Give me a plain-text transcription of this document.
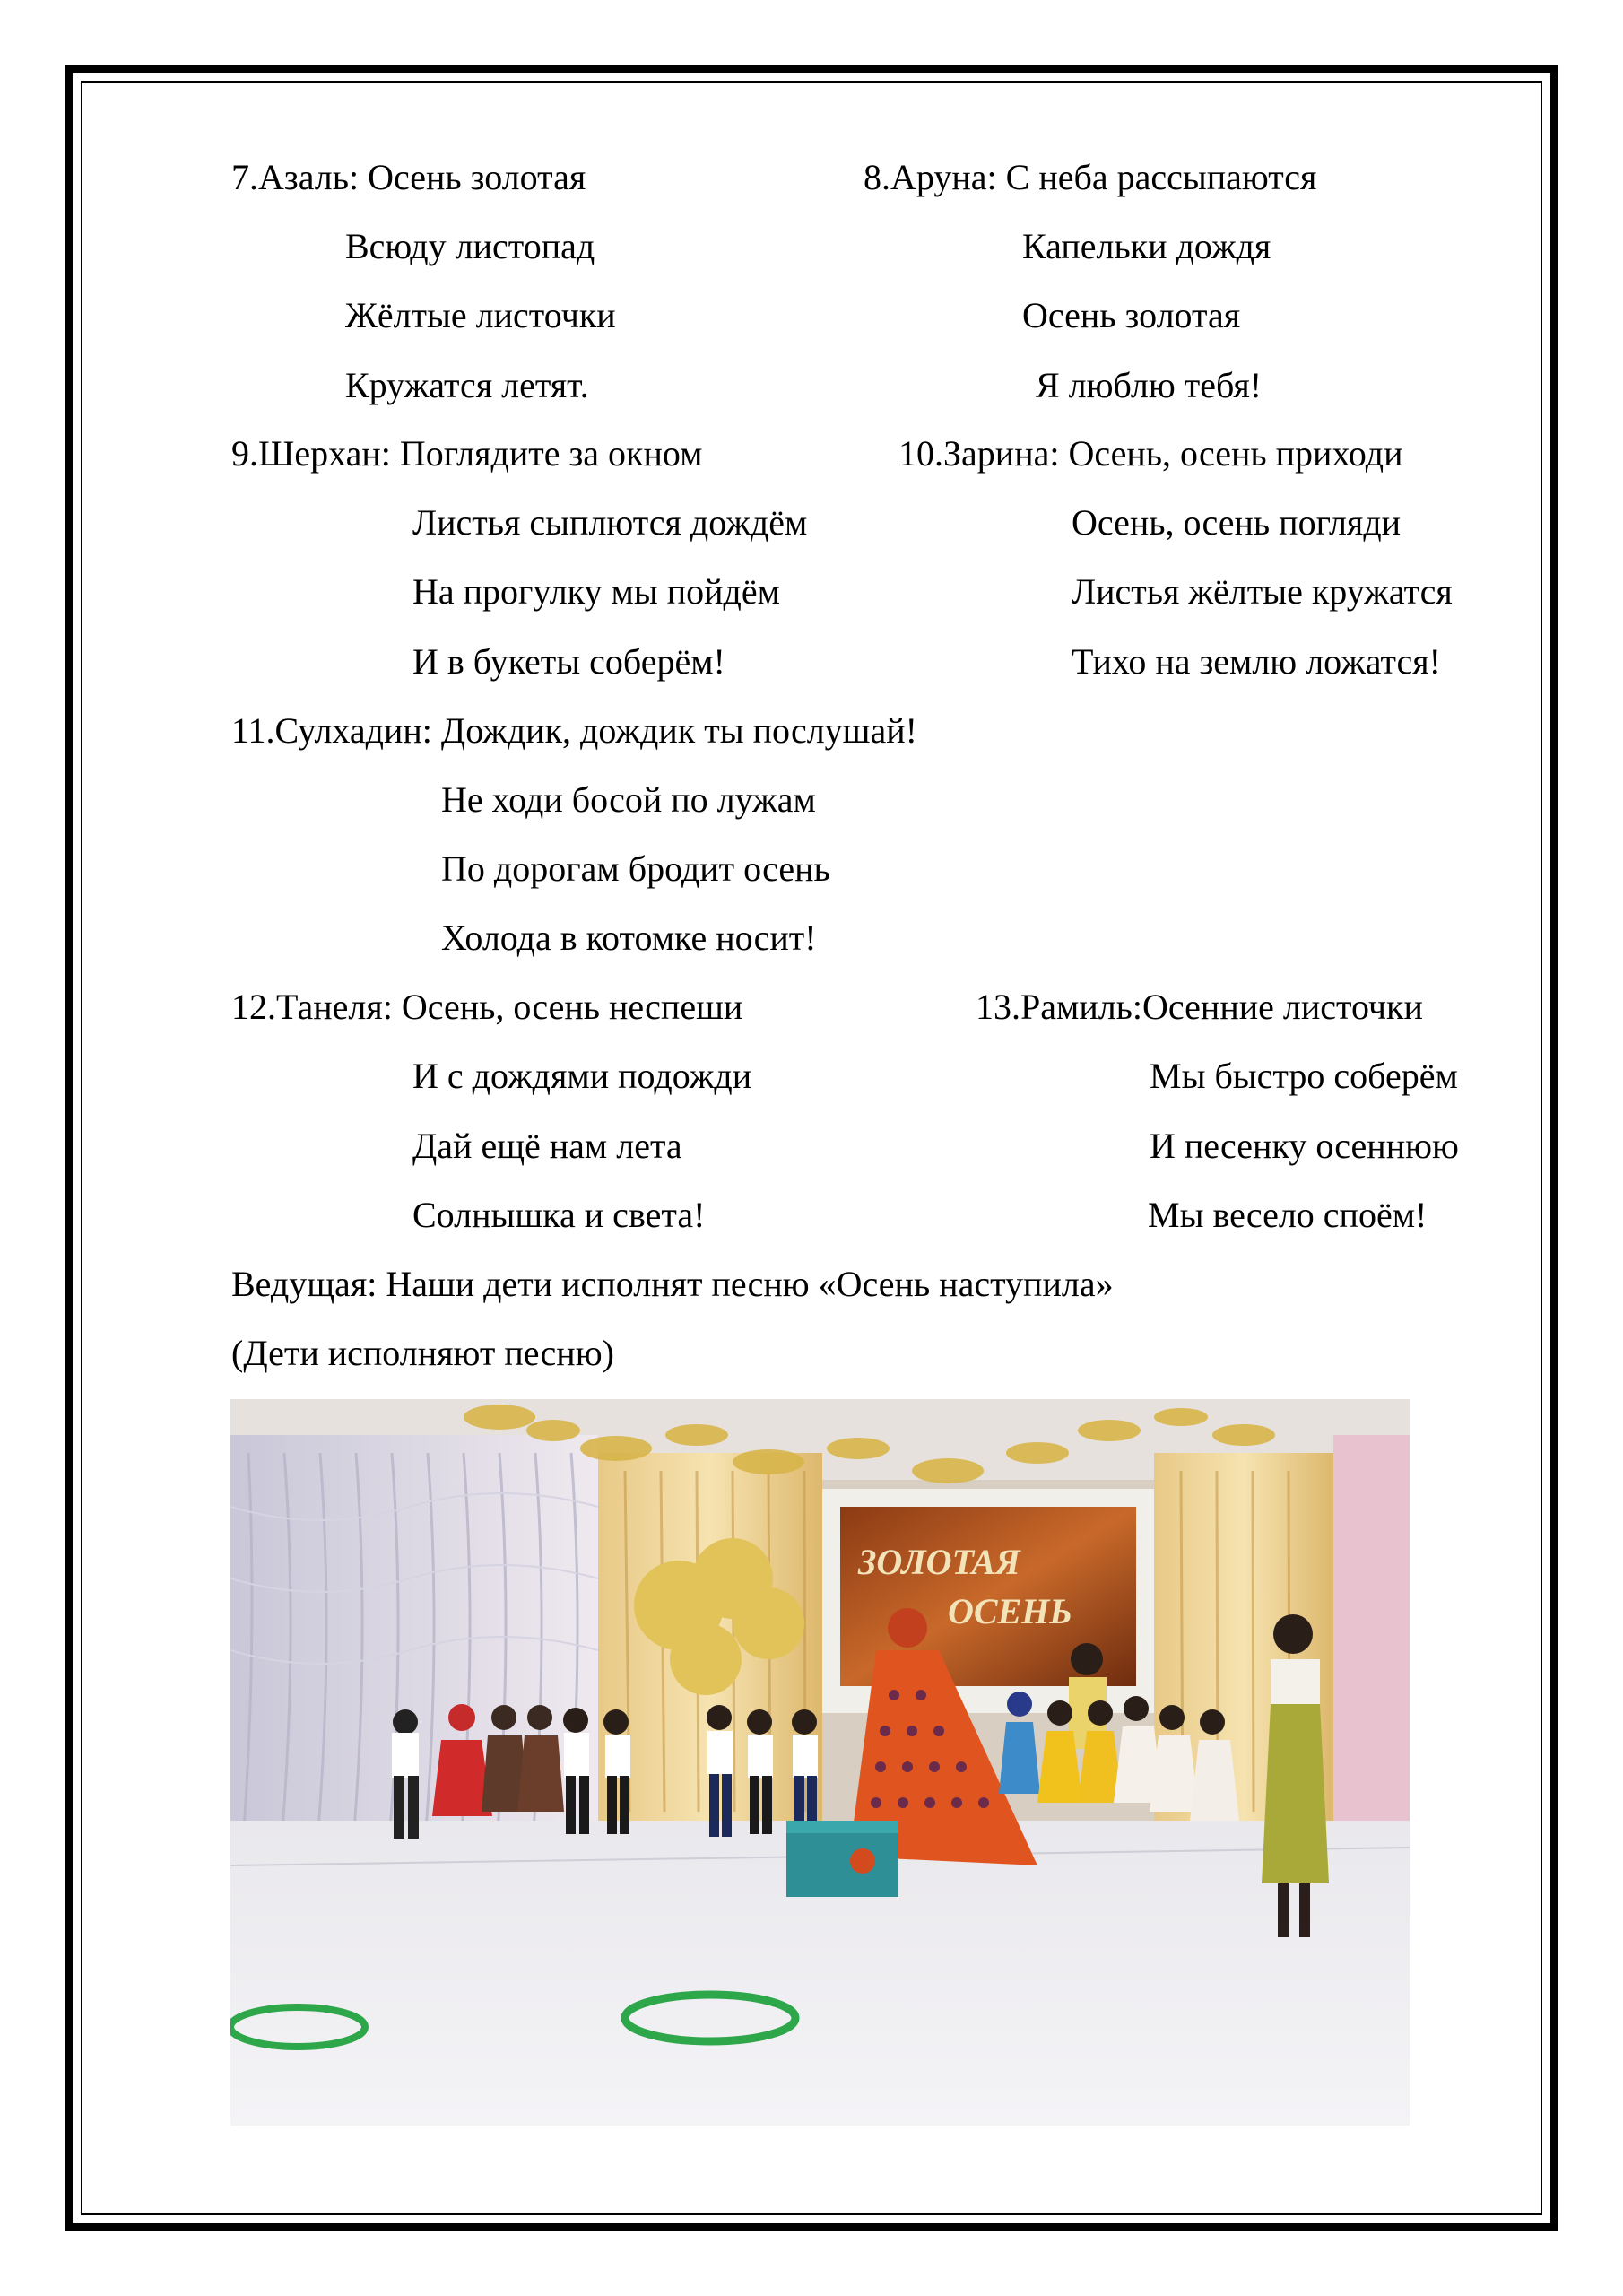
7.Азаль: Осень золотая
Всюду листопад
Жёлтые листочки
Кружатся летят.
8.Аруна: С неба рассыпаются
Капельки дождя
Осень золотая
Я люблю тебя!
9.Шерхан: Поглядите за окном
Листья сыплются дождём
На прогулку мы пойдём
И в букеты соберём!
10.Зарина: Осень, осень приходи
Осень, осень погляди
Листья жёлтые кружатся
Тихо на землю ложатся!
11.Сулхадин: Дождик, дождик ты послушай!
Не ходи босой по лужам
По дорогам бродит осень
Холода в котомке носит!
12.Танеля: Осень, осень неспеши
И с дождями подожди
Дай ещё нам лета
Солнышка и света!
13.Рамиль:Осенние листочки
Мы быстро соберём
И песенку осеннюю
Мы весело споём!
Ведущая: Наши дети исполнят песню «Осень наступила»
(Дети исполняют песню)
ЗОЛОТАЯ
ОСЕНЬ
